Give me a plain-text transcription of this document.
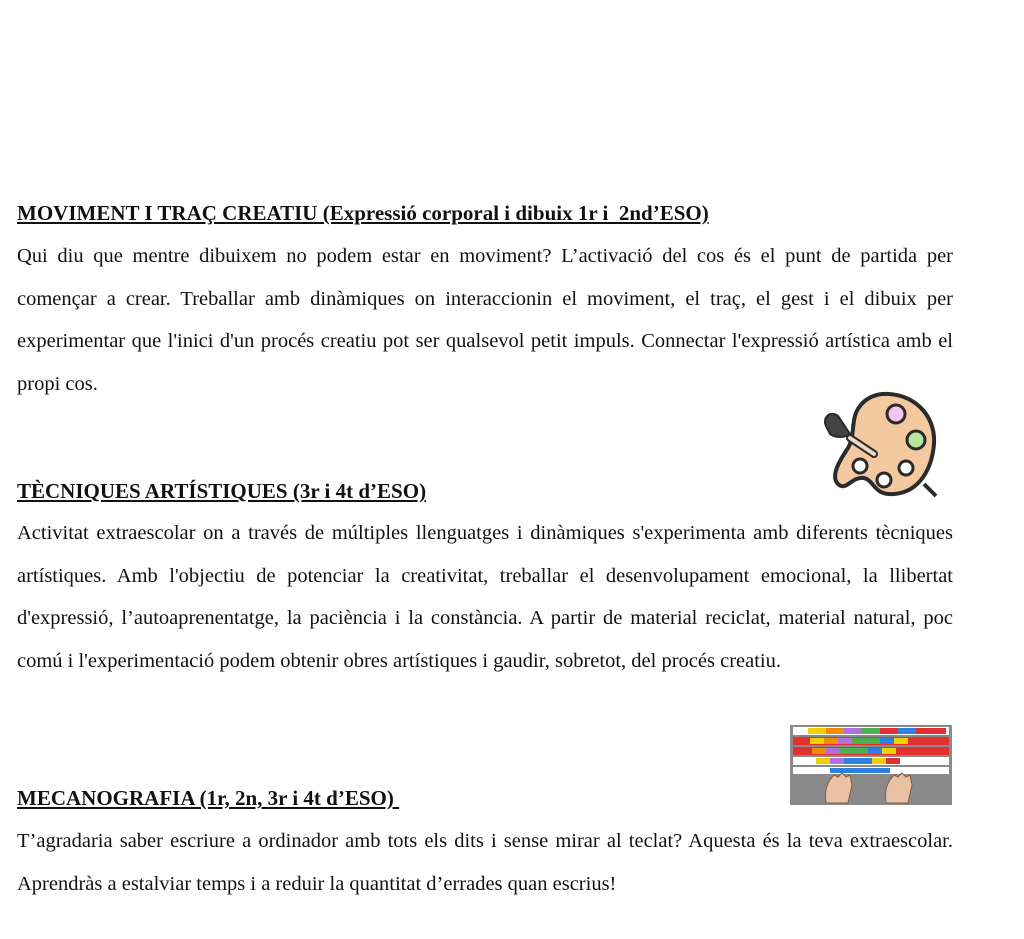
MOVIMENT I TRAÇ CREATIU (Expressió corporal i dibuix 1r i  2nd’ESO)
Qui diu que mentre dibuixem no podem estar en moviment? L’activació del cos és el punt de partida per començar a crear. Treballar amb dinàmiques on interaccionin el moviment, el traç, el gest i el dibuix per experimentar que l'inici d'un procés creatiu pot ser qualsevol petit impuls. Connectar l'expressió artística amb el propi cos.
TÈCNIQUES ARTÍSTIQUES (3r i 4t d’ESO)
Activitat extraescolar on a través de múltiples llenguatges i dinàmiques s'experimenta amb diferents tècniques artístiques. Amb l'objectiu de potenciar la creativitat, treballar el desenvolupament emocional, la llibertat d'expressió, l’autoaprenentatge, la paciència i la constància. A partir de material reciclat, material natural, poc comú i l'experimentació podem obtenir obres artístiques i gaudir, sobretot, del procés creatiu.
MECANOGRAFIA (1r, 2n, 3r i 4t d’ESO)
T’agradaria saber escriure a ordinador amb tots els dits i sense mirar al teclat? Aquesta és la teva extraescolar. Aprendràs a estalviar temps i a reduir la quantitat d’errades quan escrius!
